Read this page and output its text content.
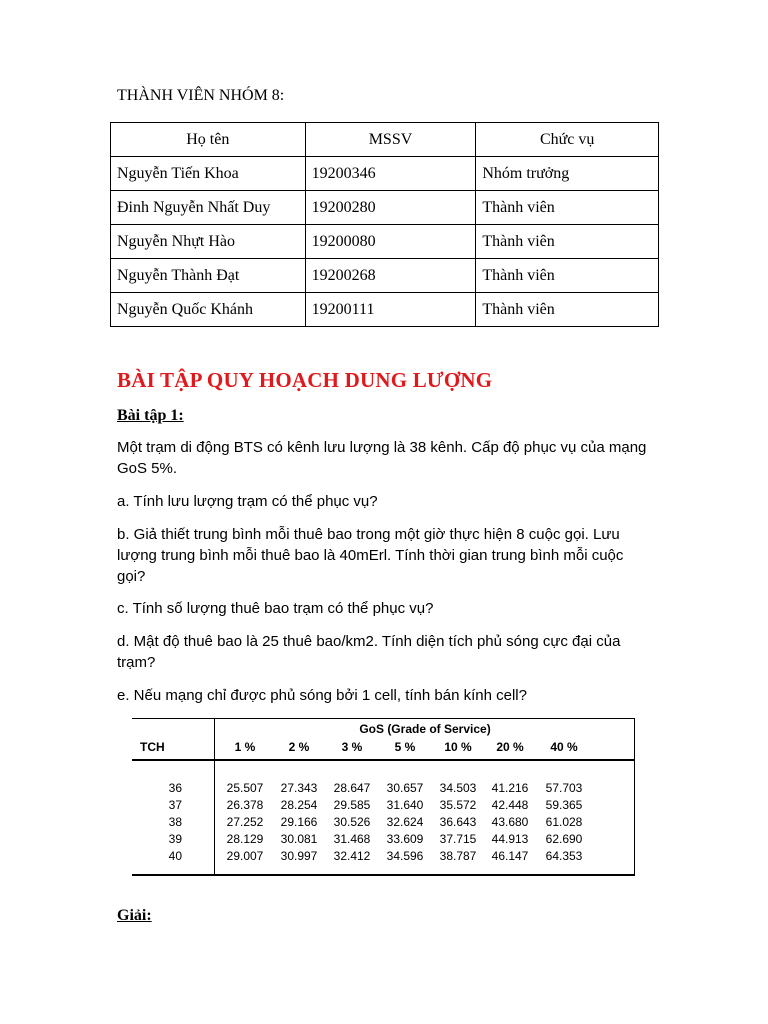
THÀNH VIÊN NHÓM 8:
Họ tên	MSSV	Chức vụ
Nguyễn Tiến Khoa	19200346	Nhóm trưởng
Đinh Nguyễn Nhất Duy	19200280	Thành viên
Nguyễn Nhựt Hào	19200080	Thành viên
Nguyễn Thành Đạt	19200268	Thành viên
Nguyễn Quốc Khánh	19200111	Thành viên
BÀI TẬP QUY HOẠCH DUNG LƯỢNG
Bài tập 1:
Một trạm di động BTS có kênh lưu lượng là 38 kênh. Cấp độ phục vụ của mạng GoS 5%.
a. Tính lưu lượng trạm có thể phục vụ?
b. Giả thiết trung bình mỗi thuê bao trong một giờ thực hiện 8 cuộc gọi. Lưu lượng trung bình mỗi thuê bao là 40mErl. Tính thời gian trung bình mỗi cuộc gọi?
c. Tính số lượng thuê bao trạm có thể phục vụ?
d. Mật độ thuê bao là 25 thuê bao/km2. Tính diện tích phủ sóng cực đại của trạm?
e. Nếu mạng chỉ được phủ sóng bởi 1 cell, tính bán kính cell?
GoS (Grade of Service)
TCH	1 %	2 %	3 %	5 %	10 %	20 %	40 %
36	25.507	27.343	28.647	30.657	34.503	41.216	57.703
37	26.378	28.254	29.585	31.640	35.572	42.448	59.365
38	27.252	29.166	30.526	32.624	36.643	43.680	61.028
39	28.129	30.081	31.468	33.609	37.715	44.913	62.690
40	29.007	30.997	32.412	34.596	38.787	46.147	64.353
Giải:
